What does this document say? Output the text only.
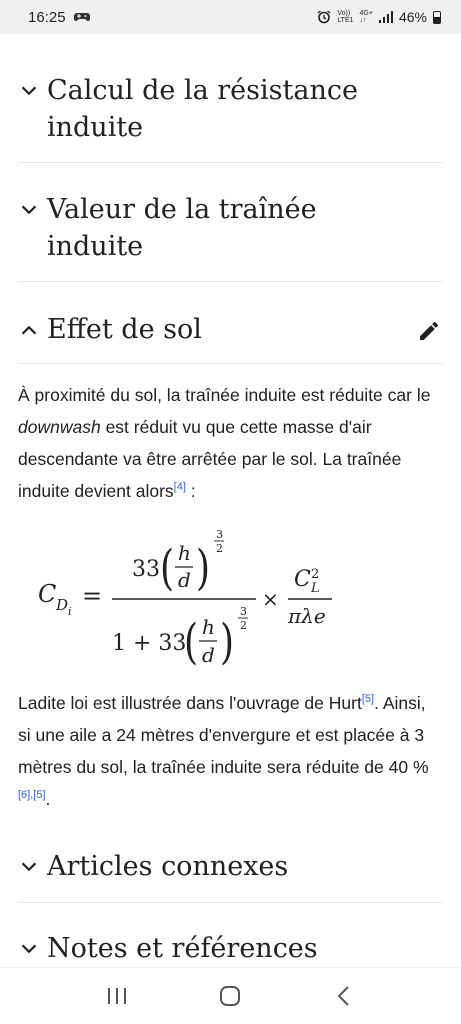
16:25	Vo))
LTE1
4G+
↓↑	46%
Calcul de la résistance
induite
Valeur de la traînée
induite
Effet de sol

À proximité du sol, la traînée induite est réduite car le downwash est réduit vu que cette masse d'air descendante va être arrêtée par le sol. La traînée induite devient alors[4] :

C D i
=
33 ( h
d )
3
2
1 + 33
( h
d )
3
2
×
C 2
L
πλe

Ladite loi est illustrée dans l'ouvrage de Hurt[5]. Ainsi, si une aile a 24 mètres d'envergure et est placée à 3 mètres du sol, la traînée induite sera réduite de 40 %[6],[5].

Articles connexes
Notes et références
